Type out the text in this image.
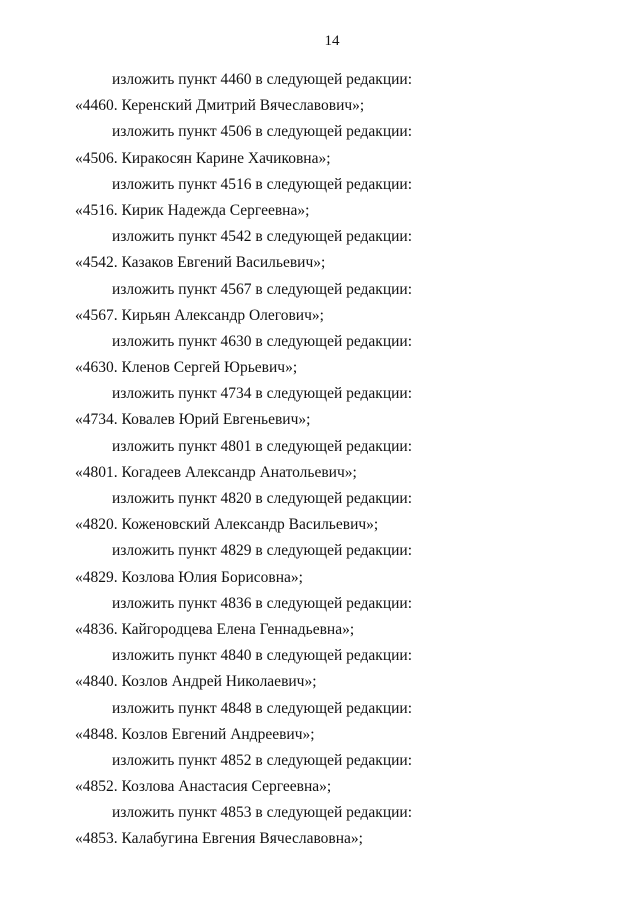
14
изложить пункт 4460 в следующей редакции:
«4460. Керенский Дмитрий Вячеславович»;
изложить пункт 4506 в следующей редакции:
«4506. Киракосян Карине Хачиковна»;
изложить пункт 4516 в следующей редакции:
«4516. Кирик Надежда Сергеевна»;
изложить пункт 4542 в следующей редакции:
«4542. Казаков Евгений Васильевич»;
изложить пункт 4567 в следующей редакции:
«4567. Кирьян Александр Олегович»;
изложить пункт 4630 в следующей редакции:
«4630. Кленов Сергей Юрьевич»;
изложить пункт 4734 в следующей редакции:
«4734. Ковалев Юрий Евгеньевич»;
изложить пункт 4801 в следующей редакции:
«4801. Когадеев Александр Анатольевич»;
изложить пункт 4820 в следующей редакции:
«4820. Коженовский Александр Васильевич»;
изложить пункт 4829 в следующей редакции:
«4829. Козлова Юлия Борисовна»;
изложить пункт 4836 в следующей редакции:
«4836. Кайгородцева Елена Геннадьевна»;
изложить пункт 4840 в следующей редакции:
«4840. Козлов Андрей Николаевич»;
изложить пункт 4848 в следующей редакции:
«4848. Козлов Евгений Андреевич»;
изложить пункт 4852 в следующей редакции:
«4852. Козлова Анастасия Сергеевна»;
изложить пункт 4853 в следующей редакции:
«4853. Калабугина Евгения Вячеславовна»;
